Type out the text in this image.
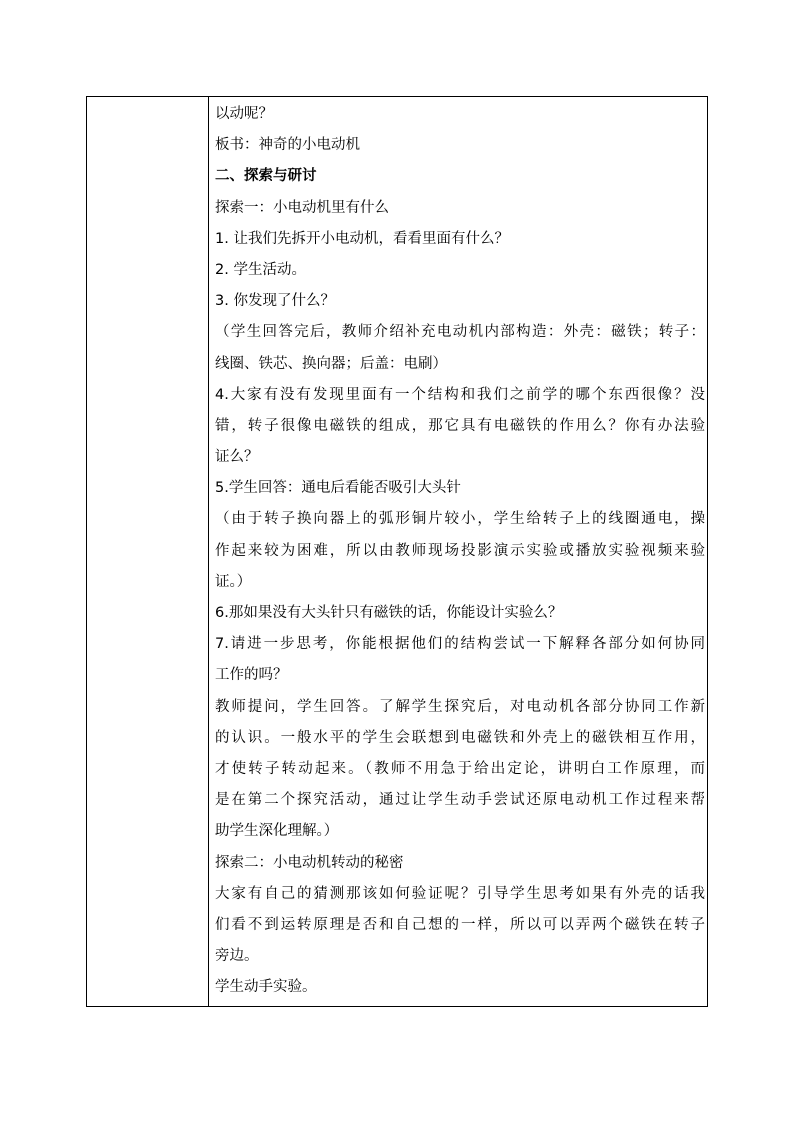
以动呢？
板书：神奇的小电动机
二、探索与研讨
探索一：小电动机里有什么
1. 让我们先拆开小电动机，看看里面有什么？
2. 学生活动。
3. 你发现了什么？
（学生回答完后，教师介绍补充电动机内部构造：外壳：磁铁；转子：
线圈、铁芯、换向器；后盖：电刷）
4.大家有没有发现里面有一个结构和我们之前学的哪个东西很像？没
错，转子很像电磁铁的组成，那它具有电磁铁的作用么？你有办法验
证么？
5.学生回答：通电后看能否吸引大头针
（由于转子换向器上的弧形铜片较小，学生给转子上的线圈通电，操
作起来较为困难，所以由教师现场投影演示实验或播放实验视频来验
证。）
6.那如果没有大头针只有磁铁的话，你能设计实验么？
7.请进一步思考，你能根据他们的结构尝试一下解释各部分如何协同
工作的吗？
教师提问，学生回答。了解学生探究后，对电动机各部分协同工作新
的认识。一般水平的学生会联想到电磁铁和外壳上的磁铁相互作用，
才使转子转动起来。（教师不用急于给出定论，讲明白工作原理，而
是在第二个探究活动，通过让学生动手尝试还原电动机工作过程来帮
助学生深化理解。）
探索二：小电动机转动的秘密
大家有自己的猜测那该如何验证呢？引导学生思考如果有外壳的话我
们看不到运转原理是否和自己想的一样，所以可以弄两个磁铁在转子
旁边。
学生动手实验。
